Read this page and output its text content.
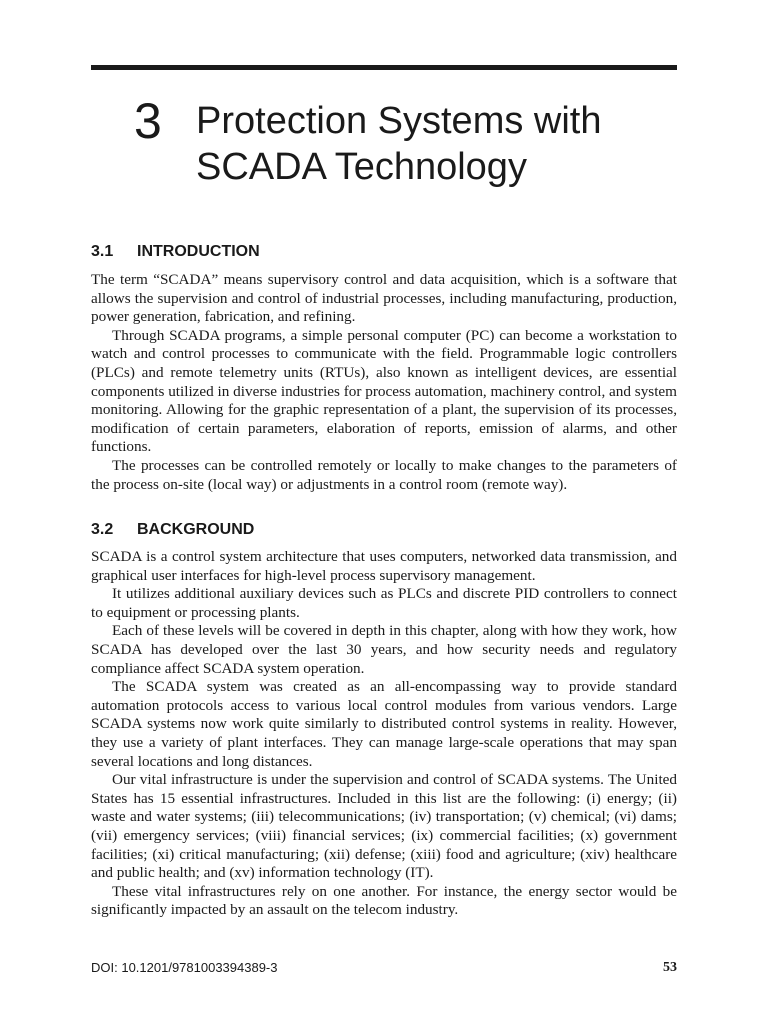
3 Protection Systems with
SCADA Technology
3.1 INTRODUCTION

The term “SCADA” means supervisory control and data acquisition, which is a software that allows the supervision and control of industrial processes, including manufacturing, production, power generation, fabrication, and refining.

Through SCADA programs, a simple personal computer (PC) can become a workstation to watch and control processes to communicate with the field. Programmable logic controllers (PLCs) and remote telemetry units (RTUs), also known as intelligent devices, are essential components utilized in diverse industries for process automation, machinery control, and system monitoring. Allowing for the graphic representation of a plant, the supervision of its processes, modification of certain parameters, elaboration of reports, emission of alarms, and other functions.

The processes can be controlled remotely or locally to make changes to the parameters of the process on-site (local way) or adjustments in a control room (remote way).

3.2 BACKGROUND

SCADA is a control system architecture that uses computers, networked data transmission, and graphical user interfaces for high-level process supervisory management.

It utilizes additional auxiliary devices such as PLCs and discrete PID controllers to connect to equipment or processing plants.

Each of these levels will be covered in depth in this chapter, along with how they work, how SCADA has developed over the last 30 years, and how security needs and regulatory compliance affect SCADA system operation.

The SCADA system was created as an all-encompassing way to provide standard automation protocols access to various local control modules from various vendors. Large SCADA systems now work quite similarly to distributed control systems in reality. However, they use a variety of plant interfaces. They can manage large-scale operations that may span several locations and long distances.

Our vital infrastructure is under the supervision and control of SCADA systems. The United States has 15 essential infrastructures. Included in this list are the following: (i) energy; (ii) waste and water systems; (iii) telecommunications; (iv) transportation; (v) chemical; (vi) dams; (vii) emergency services; (viii) financial services; (ix) commercial facilities; (x) government facilities; (xi) critical manufacturing; (xii) defense; (xiii) food and agriculture; (xiv) healthcare and public health; and (xv) information technology (IT).

These vital infrastructures rely on one another. For instance, the energy sector would be significantly impacted by an assault on the telecom industry.

DOI: 10.1201/9781003394389-3	53
